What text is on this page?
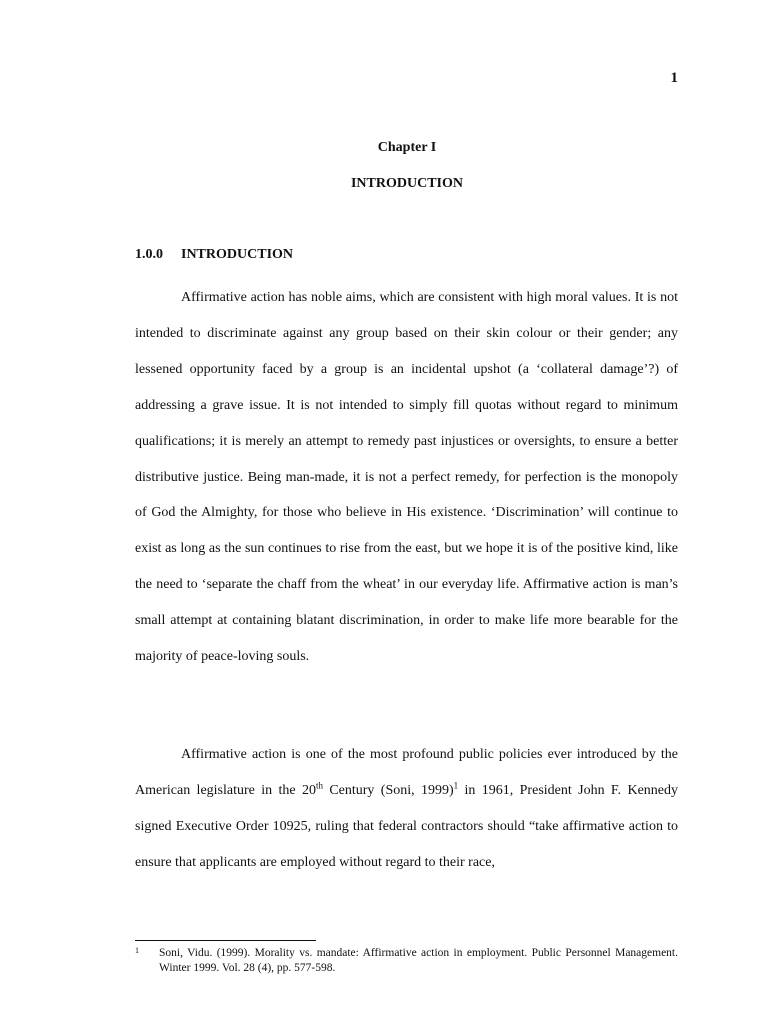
1
Chapter I
INTRODUCTION
1.0.0 INTRODUCTION

Affirmative action has noble aims, which are consistent with high moral values. It is not intended to discriminate against any group based on their skin colour or their gender; any lessened opportunity faced by a group is an incidental upshot (a ‘collateral damage’?) of addressing a grave issue. It is not intended to simply fill quotas without regard to minimum qualifications; it is merely an attempt to remedy past injustices or oversights, to ensure a better distributive justice. Being man-made, it is not a perfect remedy, for perfection is the monopoly of God the Almighty, for those who believe in His existence. ‘Discrimination’ will continue to exist as long as the sun continues to rise from the east, but we hope it is of the positive kind, like the need to ‘separate the chaff from the wheat’ in our everyday life. Affirmative action is man’s small attempt at containing blatant discrimination, in order to make life more bearable for the majority of peace-loving souls.

Affirmative action is one of the most profound public policies ever introduced by the American legislature in the 20th Century (Soni, 1999)$^1$ in 1961, President John F. Kennedy signed Executive Order 10925, ruling that federal contractors should “take affirmative action to ensure that applicants are employed without regard to their race,

1 Soni, Vidu. (1999). Morality vs. mandate: Affirmative action in employment. Public Personnel Management. Winter 1999. Vol. 28 (4), pp. 577-598.
